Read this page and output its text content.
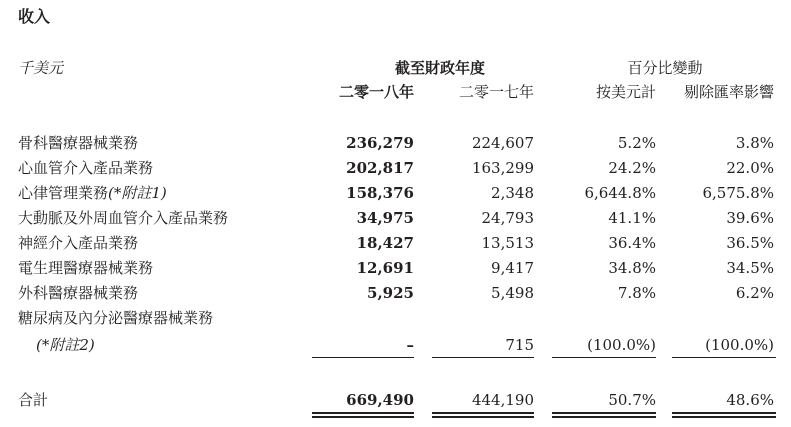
收入
千美元	截至財政年度
二零一八年	二零一七年
百分比變動
按美元計	剔除匯率影響
骨科醫療器械業務	236,279	224,607	5.2%	3.8%
心血管介入產品業務	202,817	163,299	24.2%	22.0%
心律管理業務(*附註1)	158,376	2,348	6,644.8%	6,575.8%
大動脈及外周血管介入產品業務	34,975	24,793	41.1%	39.6%
神經介入產品業務	18,427	13,513	36.4%	36.5%
電生理醫療器械業務	12,691	9,417	34.8%	34.5%
外科醫療器械業務	5,925	5,498	7.8%	6.2%
糖尿病及內分泌醫療器械業務
(*附註2)	–	715	(100.0%)	(100.0%)
合計	669,490	444,190	50.7%	48.6%
